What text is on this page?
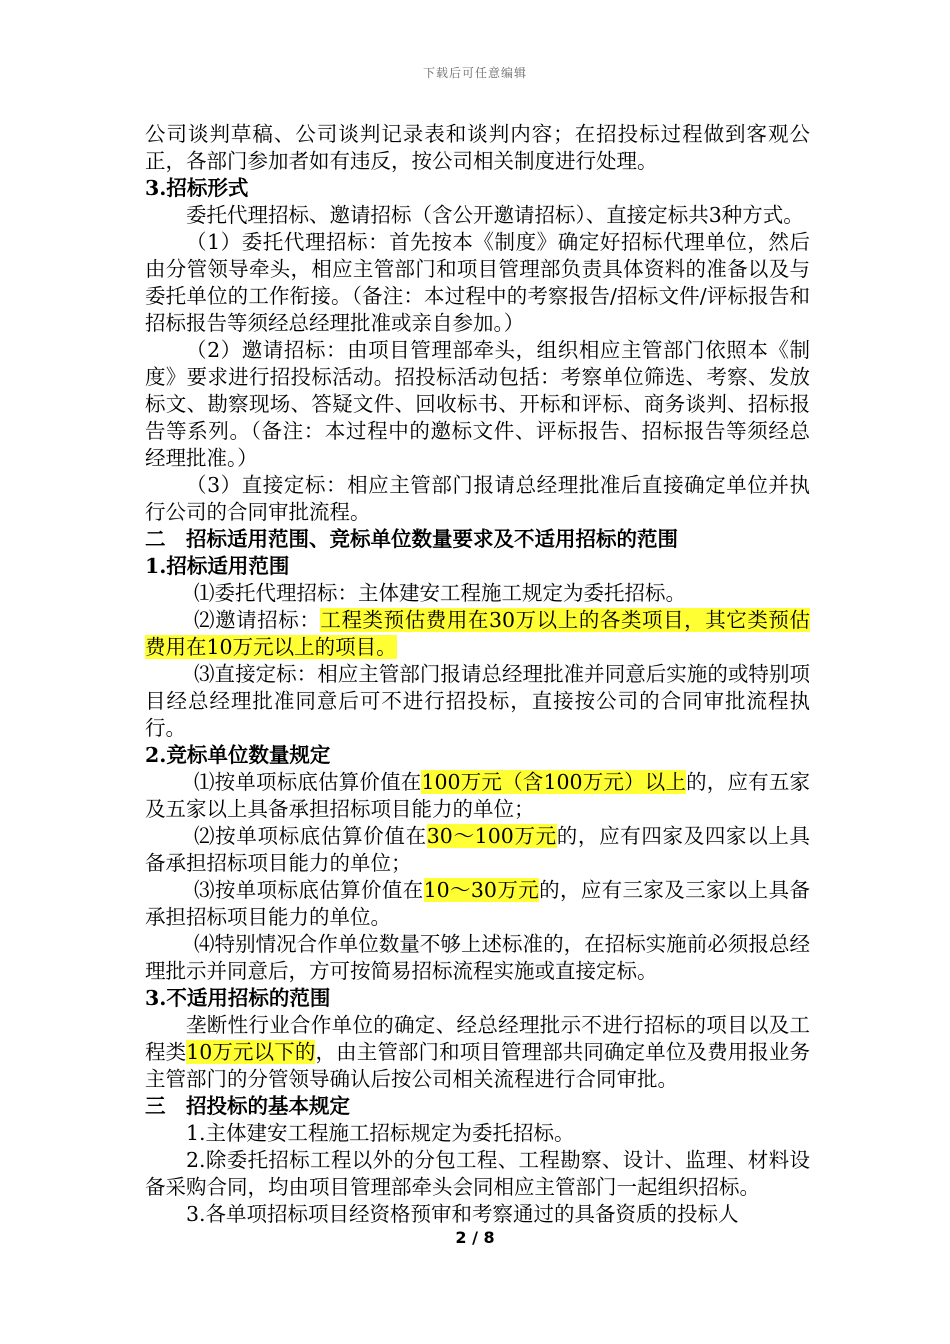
下载后可任意编辑

公司谈判草稿、公司谈判记录表和谈判内容；在招投标过程做到客观公正，各部门参加者如有违反，按公司相关制度进行处理。

3.招标形式

委托代理招标、邀请招标（含公开邀请招标）、直接定标共3种方式。

（1）委托代理招标：首先按本《制度》确定好招标代理单位，然后由分管领导牵头，相应主管部门和项目管理部负责具体资料的准备以及与委托单位的工作衔接。（备注：本过程中的考察报告/招标文件/评标报告和招标报告等须经总经理批准或亲自参加。）

（2）邀请招标：由项目管理部牵头，组织相应主管部门依照本《制度》要求进行招投标活动。招投标活动包括：考察单位筛选、考察、发放标文、勘察现场、答疑文件、回收标书、开标和评标、商务谈判、招标报告等系列。（备注：本过程中的邀标文件、评标报告、招标报告等须经总经理批准。）

（3）直接定标：相应主管部门报请总经理批准后直接确定单位并执行公司的合同审批流程。

二　招标适用范围、竞标单位数量要求及不适用招标的范围

1.招标适用范围

⑴委托代理招标：主体建安工程施工规定为委托招标。

⑵邀请招标：工程类预估费用在30万以上的各类项目，其它类预估费用在10万元以上的项目。

⑶直接定标：相应主管部门报请总经理批准并同意后实施的或特别项目经总经理批准同意后可不进行招投标，直接按公司的合同审批流程执行。

2.竞标单位数量规定

⑴按单项标底估算价值在100万元（含100万元）以上的，应有五家及五家以上具备承担招标项目能力的单位；

⑵按单项标底估算价值在30～100万元的，应有四家及四家以上具备承担招标项目能力的单位；

⑶按单项标底估算价值在10～30万元的，应有三家及三家以上具备承担招标项目能力的单位。

⑷特别情况合作单位数量不够上述标准的，在招标实施前必须报总经理批示并同意后，方可按简易招标流程实施或直接定标。

3.不适用招标的范围

垄断性行业合作单位的确定、经总经理批示不进行招标的项目以及工程类10万元以下的，由主管部门和项目管理部共同确定单位及费用报业务主管部门的分管领导确认后按公司相关流程进行合同审批。

三　招投标的基本规定

1.主体建安工程施工招标规定为委托招标。

2.除委托招标工程以外的分包工程、工程勘察、设计、监理、材料设备采购合同，均由项目管理部牵头会同相应主管部门一起组织招标。

3.各单项招标项目经资格预审和考察通过的具备资质的投标人

2 / 8
